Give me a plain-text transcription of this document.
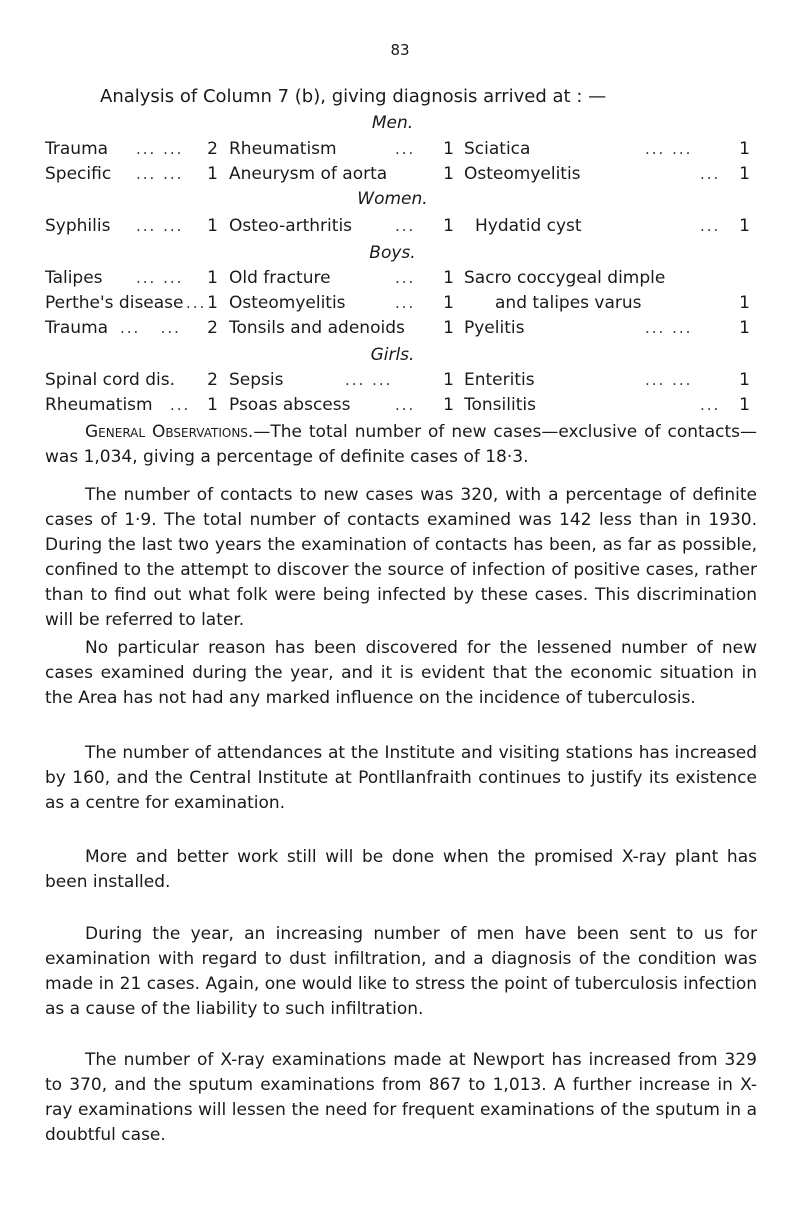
83
Analysis of Column 7 (b), giving diagnosis arrived at : —
Men.
Trauma ... ... 2 Rheumatism	... 1 Sciatica	... ...	1
Specific ... ... 1 Aneurysm of aorta	1 Osteomyelitis	... 1
Women.
Syphilis ... ... 1 Osteo-arthritis	... 1 Hydatid cyst	... 1
Boys.
Talipes ... ... 1 Old fracture	... 1 Sacro coccygeal dimple
Perthe's disease ... 1 Osteomyelitis	... 1 and talipes varus	1
Trauma ...   ... 2 Tonsils and adenoids 1 Pyelitis	... ...	1
Girls.
Spinal cord dis. 2 Sepsis	... ...	1 Enteritis	... ...	1
Rheumatism ... 1 Psoas abscess	... 1 Tonsilitis	... 1

General Observations.—The total number of new cases—exclusive of contacts—was 1,034, giving a percentage of definite cases of 18·3.

The number of contacts to new cases was 320, with a percentage of definite cases of 1·9. The total number of contacts examined was 142 less than in 1930. During the last two years the examination of contacts has been, as far as possible, confined to the attempt to discover the source of infection of positive cases, rather than to find out what folk were being infected by these cases. This discrimination will be referred to later.

No particular reason has been discovered for the lessened number of new cases examined during the year, and it is evident that the economic situation in the Area has not had any marked influence on the incidence of tuberculosis.

The number of attendances at the Institute and visiting stations has increased by 160, and the Central Institute at Pontllanfraith continues to justify its existence as a centre for examination.

More and better work still will be done when the promised X-ray plant has been installed.

During the year, an increasing number of men have been sent to us for examination with regard to dust infiltration, and a diagnosis of the condition was made in 21 cases. Again, one would like to stress the point of tuberculosis infection as a cause of the liability to such infiltration.

The number of X-ray examinations made at Newport has increased from 329 to 370, and the sputum examinations from 867 to 1,013. A further increase in X-ray examinations will lessen the need for frequent examinations of the sputum in a doubtful case.
